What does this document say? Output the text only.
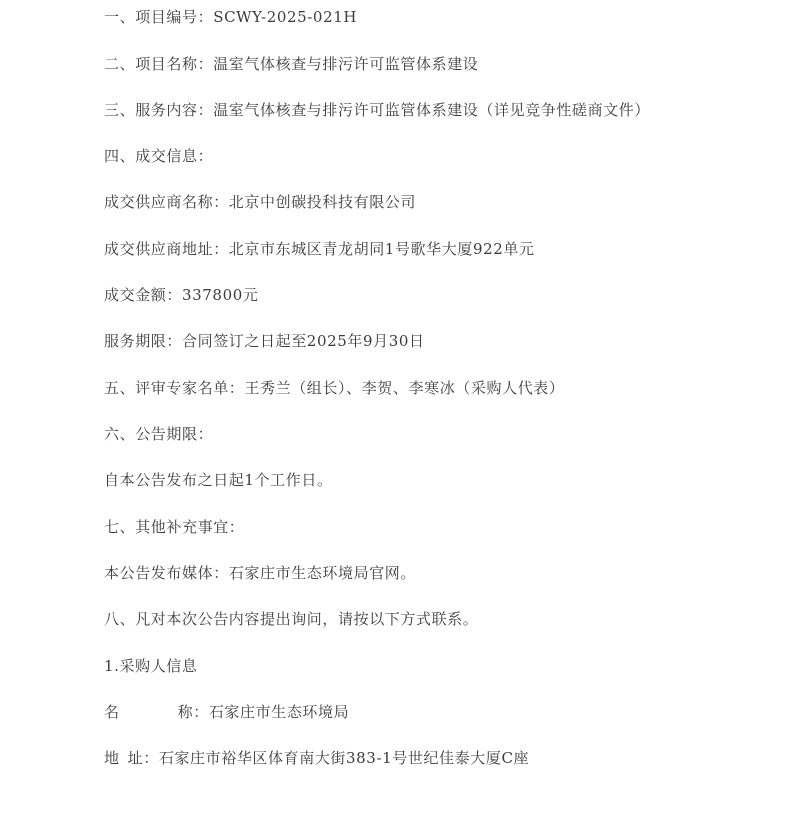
一、项目编号：SCWY-2025-021H
二、项目名称：温室气体核查与排污许可监管体系建设
三、服务内容：温室气体核查与排污许可监管体系建设（详见竞争性磋商文件）
四、成交信息：
成交供应商名称：北京中创碳投科技有限公司
成交供应商地址：北京市东城区青龙胡同1号歌华大厦922单元
成交金额：337800元
服务期限：合同签订之日起至2025年9月30日
五、评审专家名单：王秀兰（组长）、李贺、李寒冰（采购人代表）
六、公告期限：
自本公告发布之日起1个工作日。
七、其他补充事宜：
本公告发布媒体：石家庄市生态环境局官网。
八、凡对本次公告内容提出询问，请按以下方式联系。
1.采购人信息
名	称：石家庄市生态环境局
地 址：石家庄市裕华区体育南大街383-1号世纪佳泰大厦C座
